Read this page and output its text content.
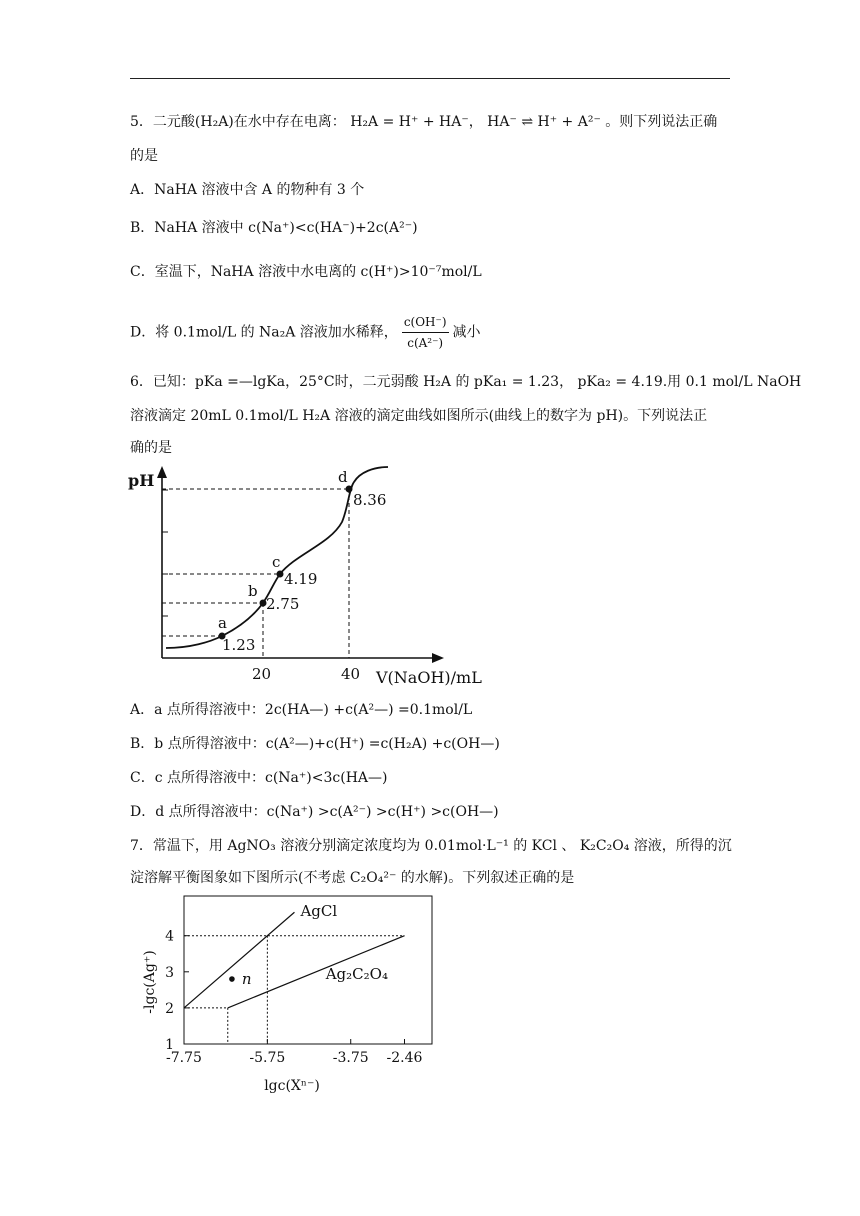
5．二元酸(H₂A)在水中存在电离： H₂A = H⁺ + HA⁻， HA⁻ ⇌ H⁺ + A²⁻ 。则下列说法正确
的是
A．NaHA 溶液中含 A 的物种有 3 个
B．NaHA 溶液中 c(Na⁺)<c(HA⁻)+2c(A²⁻)
C．室温下，NaHA 溶液中水电离的 c(H⁺)>10⁻⁷mol/L
D．将 0.1mol/L 的 Na₂A 溶液加水稀释， $\frac{c(OH^-)}{\text{c(A²⁻)}}$ 减小
6．已知：pKa =—lgKa，25°C时，二元弱酸 H₂A 的 pKa₁ = 1.23， pKa₂ = 4.19.用 0.1 mol/L NaOH
溶液滴定 20mL 0.1mol/L H₂A 溶液的滴定曲线如图所示(曲线上的数字为 pH)。下列说法正
确的是
pH
a
1.23
b
2.75
c
4.19
d
8.36
20	40 V(NaOH)/mL
A．a 点所得溶液中：2c(HA—) +c(A²—) =0.1mol/L
B．b 点所得溶液中：c(A²—)+c(H⁺) =c(H₂A) +c(OH—)
C．c 点所得溶液中：c(Na⁺)<3c(HA—)
D．d 点所得溶液中：c(Na⁺) >c(A²⁻) >c(H⁺) >c(OH—)
7．常温下，用 AgNO₃ 溶液分别滴定浓度均为 0.01mol·L⁻¹ 的 KCl 、 K₂C₂O₄ 溶液，所得的沉
淀溶解平衡图象如下图所示(不考虑 C₂O₄²⁻ 的水解)。下列叙述正确的是
1
2
3
4
-7.75	-5.75	-3.75 -2.46
AgCl
Ag₂C₂O₄
n
-lgc(Ag⁺)
lgc(Xⁿ⁻)
